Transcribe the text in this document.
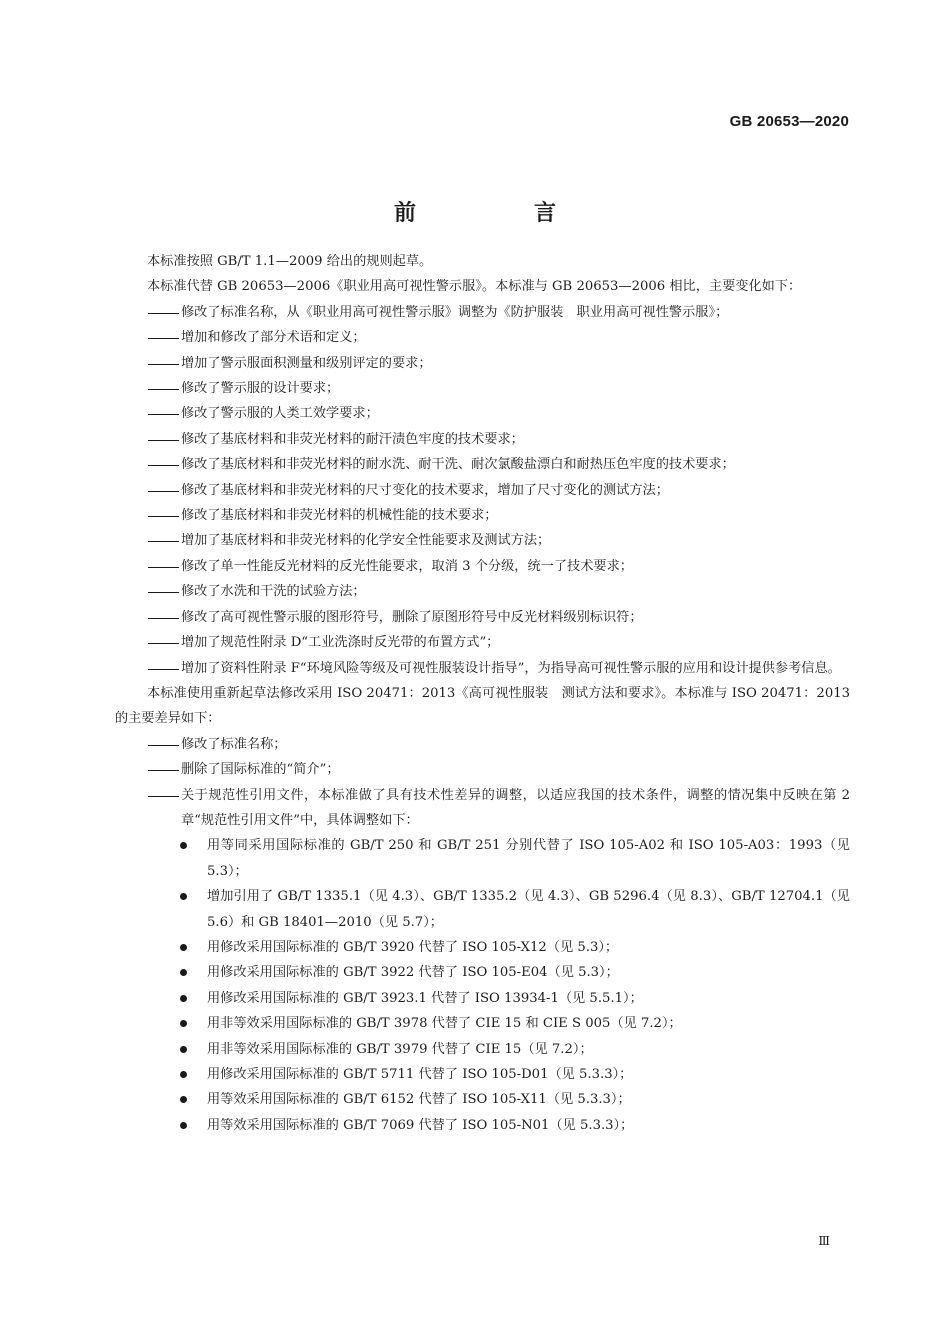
GB 20653—2020
前　言

本标准按照 GB/T 1.1—2009 给出的规则起草。

本标准代替 GB 20653—2006《职业用高可视性警示服》。本标准与 GB 20653—2006 相比，主要变化如下：

修改了标准名称，从《职业用高可视性警示服》调整为《防护服装　职业用高可视性警示服》；

增加和修改了部分术语和定义；

增加了警示服面积测量和级别评定的要求；

修改了警示服的设计要求；

修改了警示服的人类工效学要求；

修改了基底材料和非荧光材料的耐汗渍色牢度的技术要求；

修改了基底材料和非荧光材料的耐水洗、耐干洗、耐次氯酸盐漂白和耐热压色牢度的技术要求；

修改了基底材料和非荧光材料的尺寸变化的技术要求，增加了尺寸变化的测试方法；

修改了基底材料和非荧光材料的机械性能的技术要求；

增加了基底材料和非荧光材料的化学安全性能要求及测试方法；

修改了单一性能反光材料的反光性能要求，取消 3 个分级，统一了技术要求；

修改了水洗和干洗的试验方法；

修改了高可视性警示服的图形符号，删除了原图形符号中反光材料级别标识符；

增加了规范性附录 D“工业洗涤时反光带的布置方式”；

增加了资料性附录 F“环境风险等级及可视性服装设计指导”，为指导高可视性警示服的应用和设计提供参考信息。

本标准使用重新起草法修改采用 ISO 20471：2013《高可视性服装　测试方法和要求》。本标准与 ISO 20471：2013 的主要差异如下：

修改了标准名称；

删除了国际标准的“简介”；

关于规范性引用文件，本标准做了具有技术性差异的调整，以适应我国的技术条件，调整的情况集中反映在第 2 章“规范性引用文件”中，具体调整如下：

用等同采用国际标准的 GB/T 250 和 GB/T 251 分别代替了 ISO 105-A02 和 ISO 105-A03：1993（见 5.3）；

增加引用了 GB/T 1335.1（见 4.3）、GB/T 1335.2（见 4.3）、GB 5296.4（见 8.3）、GB/T 12704.1（见 5.6）和 GB 18401—2010（见 5.7）；

用修改采用国际标准的 GB/T 3920 代替了 ISO 105-X12（见 5.3）；

用修改采用国际标准的 GB/T 3922 代替了 ISO 105-E04（见 5.3）；

用修改采用国际标准的 GB/T 3923.1 代替了 ISO 13934-1（见 5.5.1）；

用非等效采用国际标准的 GB/T 3978 代替了 CIE 15 和 CIE S 005（见 7.2）；

用非等效采用国际标准的 GB/T 3979 代替了 CIE 15（见 7.2）；

用修改采用国际标准的 GB/T 5711 代替了 ISO 105-D01（见 5.3.3）；

用等效采用国际标准的 GB/T 6152 代替了 ISO 105-X11（见 5.3.3）；

用等效采用国际标准的 GB/T 7069 代替了 ISO 105-N01（见 5.3.3）；

Ⅲ
